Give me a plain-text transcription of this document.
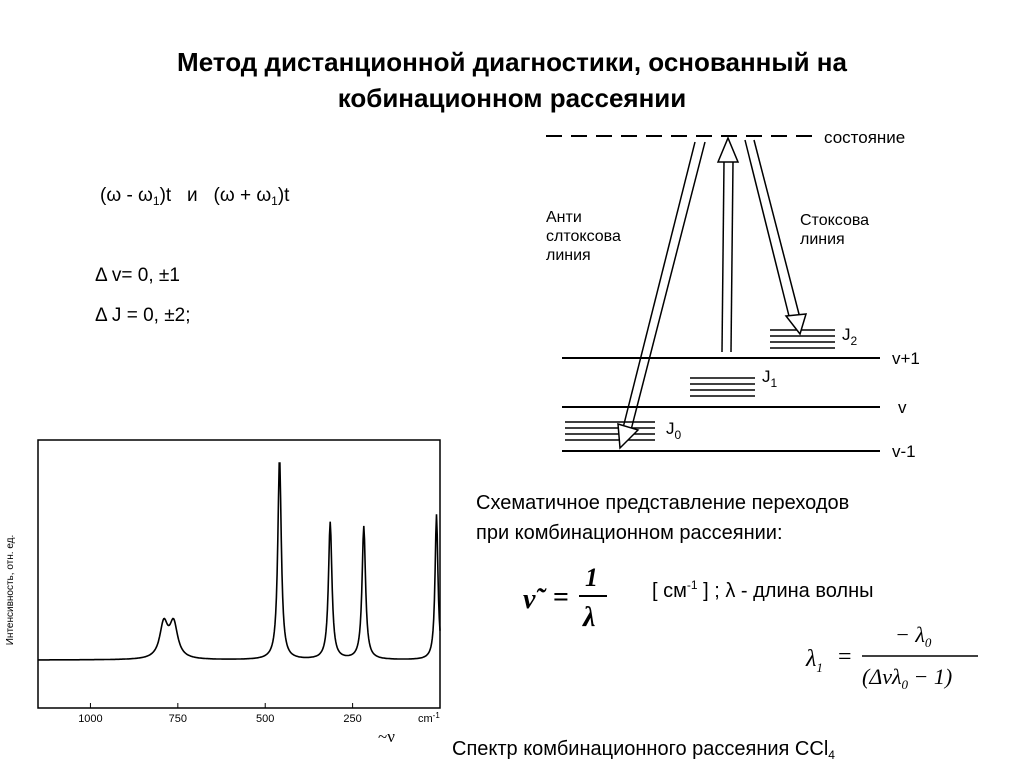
Метод дистанционной диагностики, основанный на
кобинационном рассеянии
$(\omega - \omega_1)t$ и $(\omega + \omega_1)t$
Δ v= 0, ±1
Δ J = 0, ±2;
состояние
v+1
v
v-1
$J_2$
$J_1$
$J_0$
Анти
слтоксова
линия
Стоксова
линия
Схематичное представление переходов
при комбинационном рассеянии:
ν̃ =
1
λ
[ $см^{-1}$ ] ; λ - длина волны
$\lambda_1$ =
− $\lambda_0$
(Δνλ$_0$ − 1)
Интенсивность, отн. ед.
1000	750	500	250	$cm^{-1}$
~ν
Спектр комбинационного рассеяния CCl$_4$
